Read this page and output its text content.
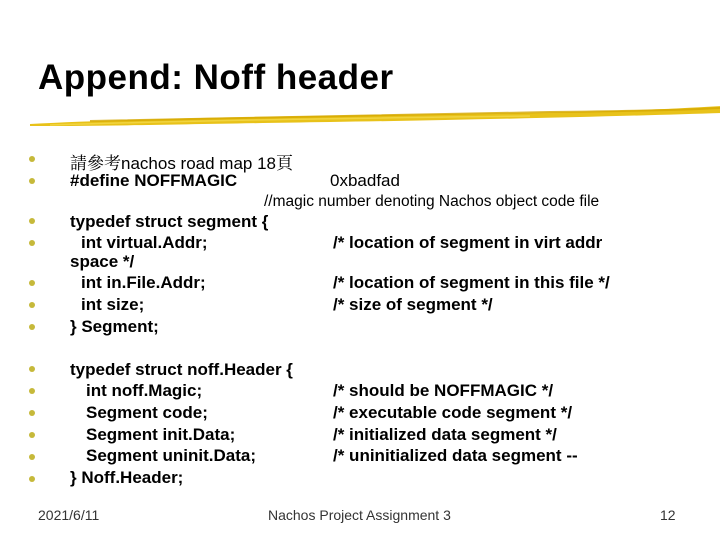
Append: Noff header
請參考nachos road map 18頁
#define NOFFMAGIC	0xbadfad
//magic number denoting Nachos object code file
typedef struct segment {
int virtual.Addr;	/* location of segment in virt addr
space */
int in.File.Addr;	/* location of segment in this file */
int size;	/* size of segment */
} Segment;
typedef struct noff.Header {
int noff.Magic;	/* should be NOFFMAGIC */
Segment code;	/* executable code segment */
Segment init.Data;	/* initialized data segment */
Segment uninit.Data;	/* uninitialized data segment --
} Noff.Header;
2021/6/11	Nachos Project Assignment 3	12
